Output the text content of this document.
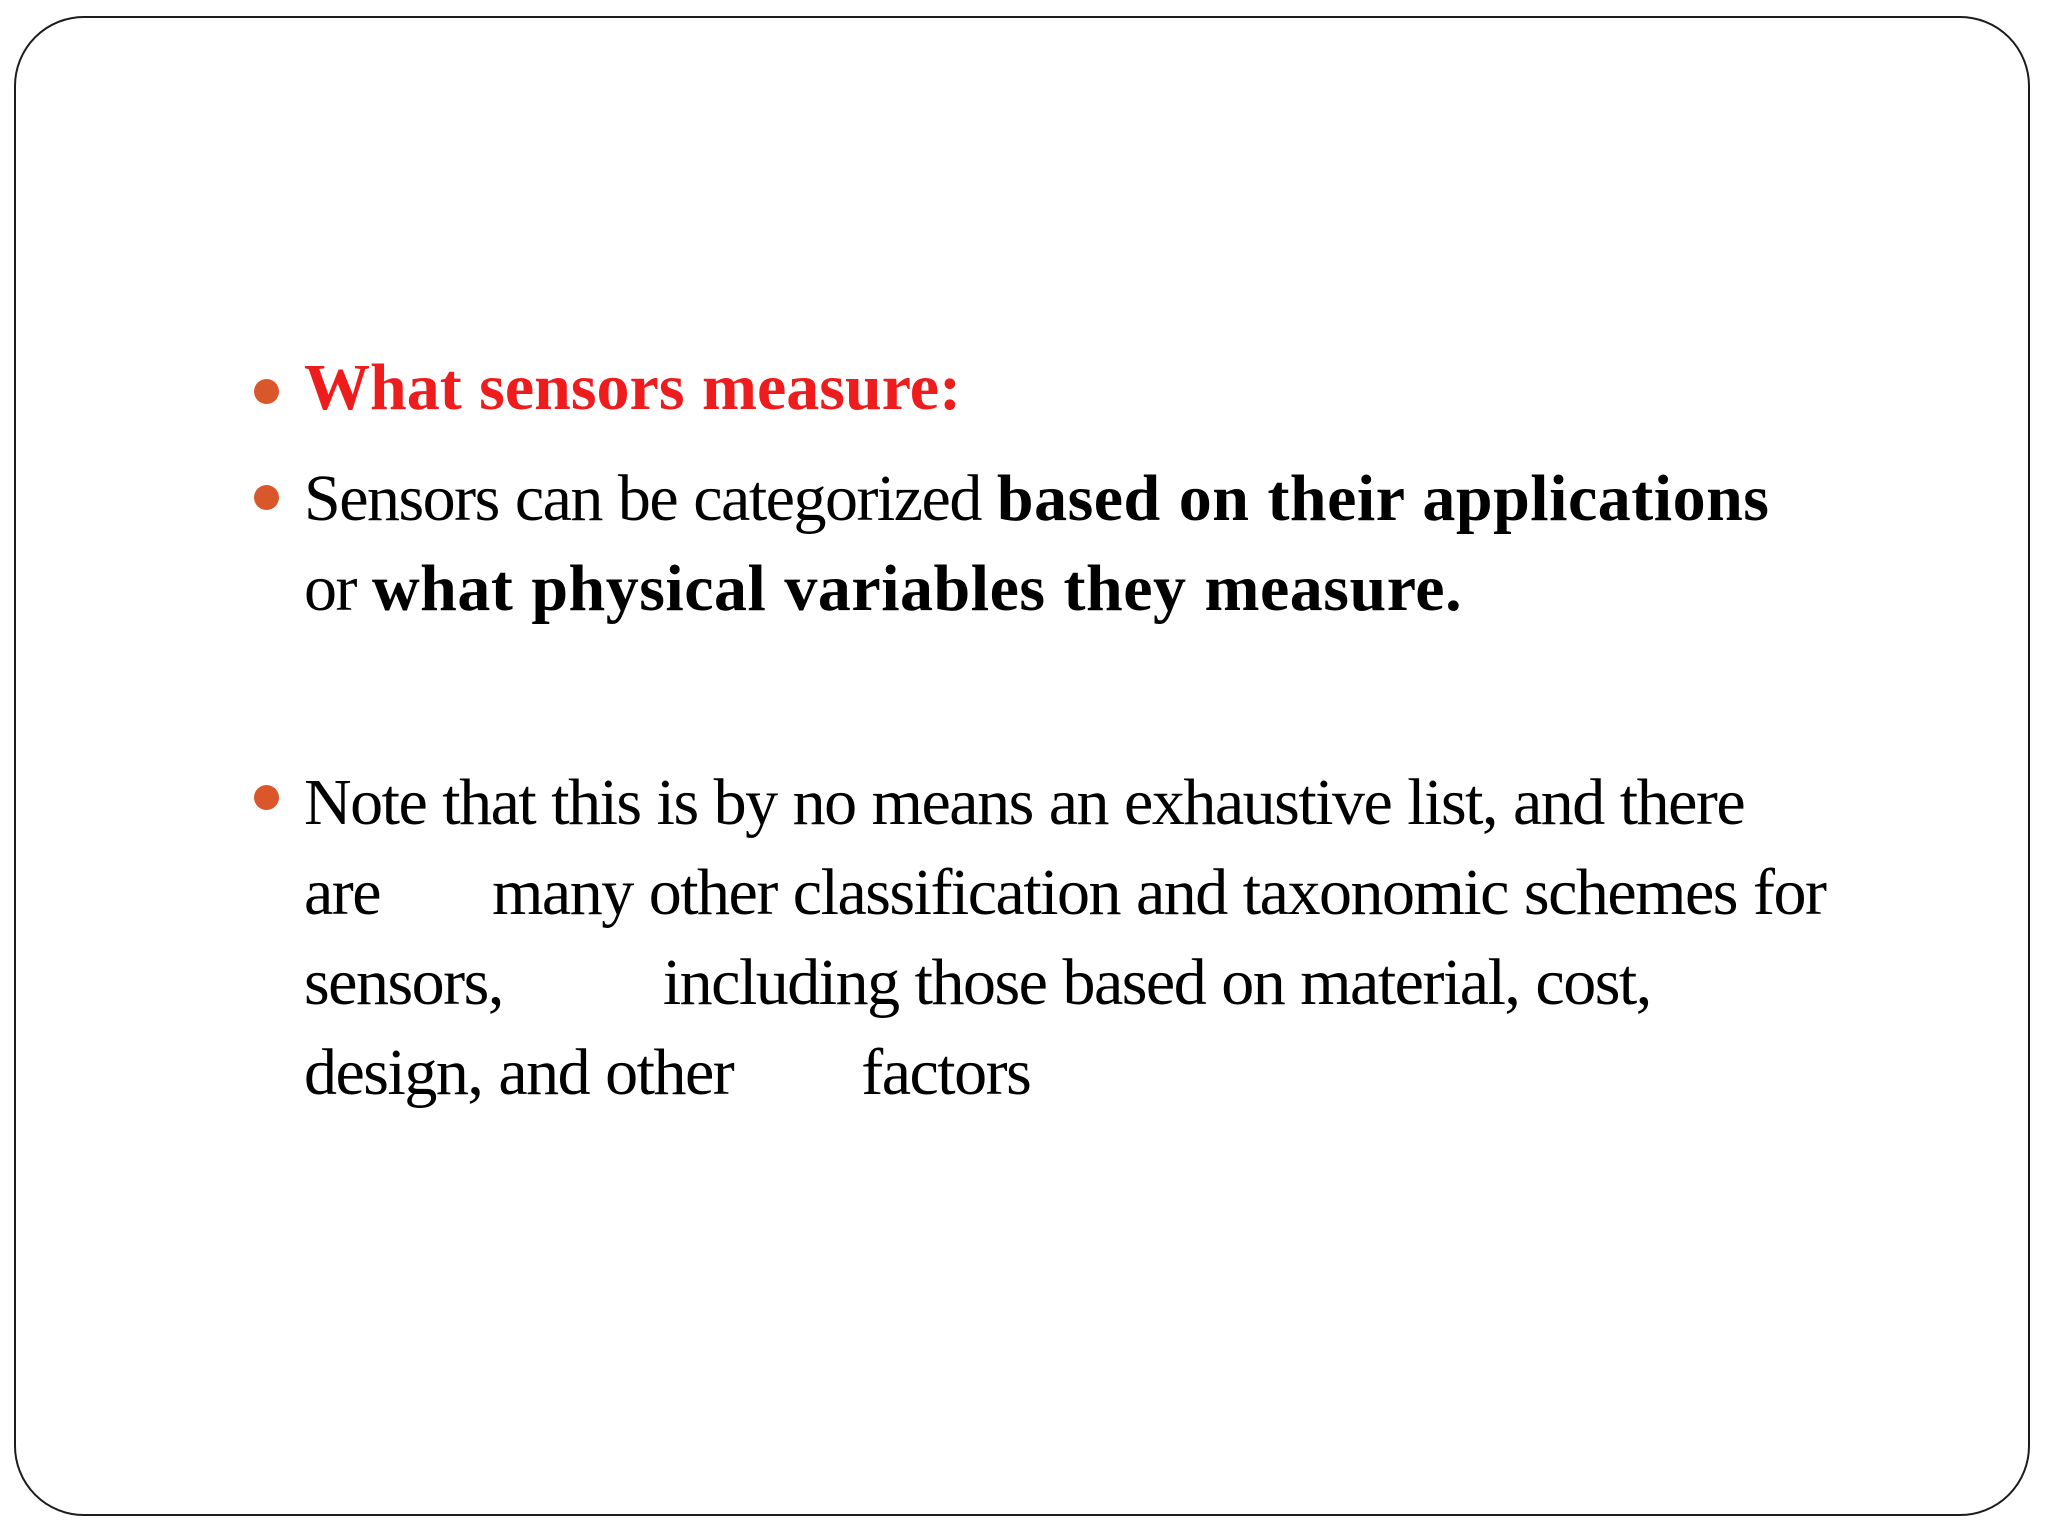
What sensors measure:
Sensors can be categorized based on their applications
or what physical variables they measure.
Note that this is by no means an exhaustive list, and there
are       many other classification and taxonomic schemes for
sensors,          including those based on material, cost,
design, and other        factors
